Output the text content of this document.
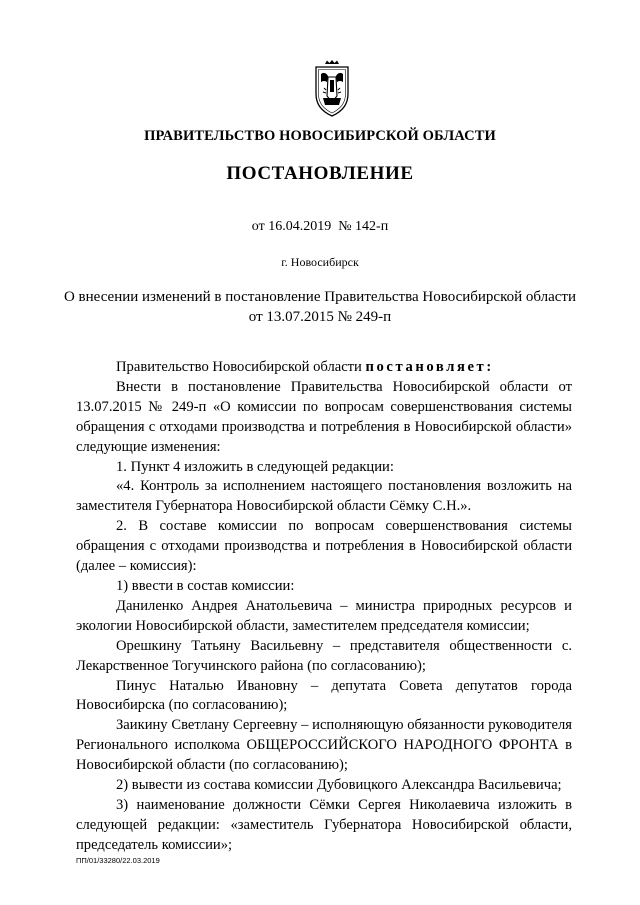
ПРАВИТЕЛЬСТВО НОВОСИБИРСКОЙ ОБЛАСТИ
ПОСТАНОВЛЕНИЕ
от 16.04.2019  № 142-п
г. Новосибирск
О внесении изменений в постановление Правительства Новосибирской области
от 13.07.2015 № 249-п

Правительство Новосибирской области постановляет:

Внести в постановление Правительства Новосибирской области от 13.07.2015 № 249-п «О комиссии по вопросам совершенствования системы обращения с отходами производства и потребления в Новосибирской области» следующие изменения:

1. Пункт 4 изложить в следующей редакции:

«4. Контроль за исполнением настоящего постановления возложить на заместителя Губернатора Новосибирской области Сёмку С.Н.».

2. В составе комиссии по вопросам совершенствования системы обращения с отходами производства и потребления в Новосибирской области (далее – комиссия):

1) ввести в состав комиссии:

Даниленко Андрея Анатольевича – министра природных ресурсов и экологии Новосибирской области, заместителем председателя комиссии;

Орешкину Татьяну Васильевну – представителя общественности с. Лекарственное Тогучинского района (по согласованию);

Пинус Наталью Ивановну – депутата Совета депутатов города Новосибирска (по согласованию);

Заикину Светлану Сергеевну – исполняющую обязанности руководителя Регионального исполкома ОБЩЕРОССИЙСКОГО НАРОДНОГО ФРОНТА в Новосибирской области (по согласованию);

2) вывести из состава комиссии Дубовицкого Александра Васильевича;

3) наименование должности Сёмки Сергея Николаевича изложить в следующей редакции: «заместитель Губернатора Новосибирской области, председатель комиссии»;

ПП/01/33280/22.03.2019
